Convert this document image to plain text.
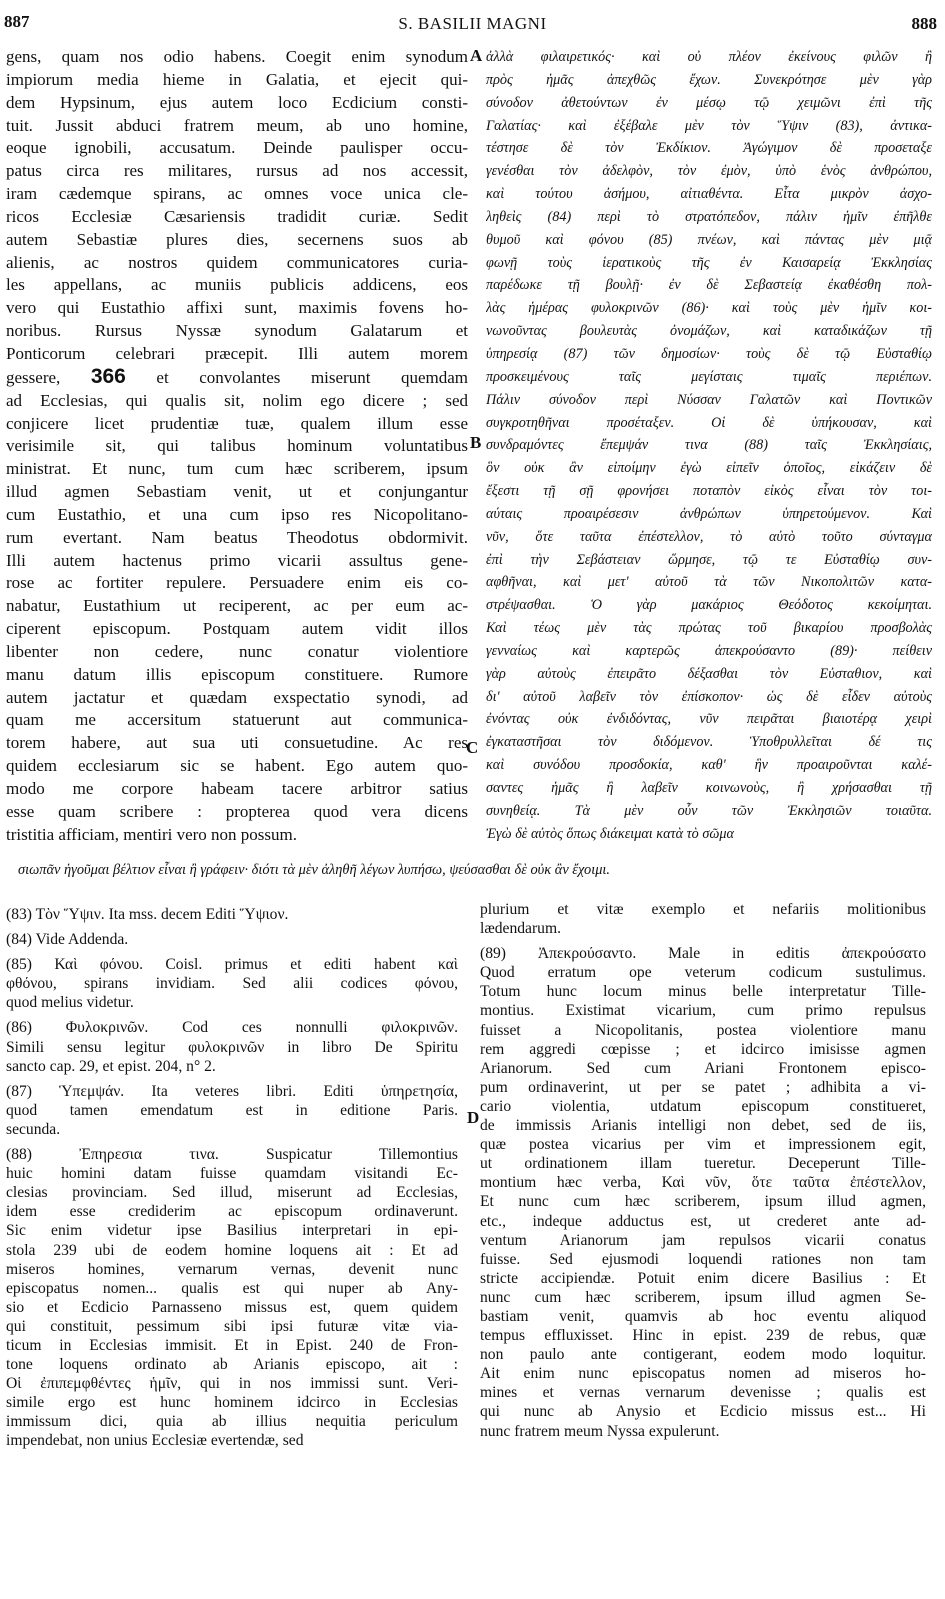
887	S. BASILII MAGNI	888
gens, quam nos odio habens. Coegit enim synodum
impiorum media hieme in Galatia, et ejecit qui-
dem Hypsinum, ejus autem loco Ecdicium consti-
tuit. Jussit abduci fratrem meum, ab uno homine,
eoque ignobili, accusatum. Deinde paulisper occu-
patus circa res militares, rursus ad nos accessit,
iram cædemque spirans, ac omnes voce unica cle-
ricos Ecclesiæ Cæsariensis tradidit curiæ. Sedit
autem Sebastiæ plures dies, secernens suos ab
alienis, ac nostros quidem communicatores curia-
les appellans, ac muniis publicis addicens, eos
vero qui Eustathio affixi sunt, maximis fovens ho-
noribus. Rursus Nyssæ synodum Galatarum et
Ponticorum celebrari præcepit. Illi autem morem
gessere, 366 et convolantes miserunt quemdam
ad Ecclesias, qui qualis sit, nolim ego dicere ; sed
conjicere licet prudentiæ tuæ, qualem illum esse
verisimile sit, qui talibus hominum voluntatibus
ministrat. Et nunc, tum cum hæc scriberem, ipsum
illud agmen Sebastiam venit, ut et conjungantur
cum Eustathio, et una cum ipso res Nicopolitano-
rum evertant. Nam beatus Theodotus obdormivit.
Illi autem hactenus primo vicarii assultus gene-
rose ac fortiter repulere. Persuadere enim eis co-
nabatur, Eustathium ut reciperent, ac per eum ac-
ciperent episcopum. Postquam autem vidit illos
libenter non cedere, nunc conatur violentiore
manu datum illis episcopum constituere. Rumore
autem jactatur et quædam exspectatio synodi, ad
quam me accersitum statuerunt aut communica-
torem habere, aut sua uti consuetudine. Ac res
quidem ecclesiarum sic se habent. Ego autem quo-
modo me corpore habeam tacere arbitror satius
esse quam scribere : propterea quod vera dicens
tristitia afficiam, mentiri vero non possum.
ἀλλὰ φιλαιρετικός· καὶ οὐ πλέον ἐκείνους φιλῶν ἢ
πρὸς ἡμᾶς ἀπεχθῶς ἔχων. Συνεκρότησε μὲν γὰρ
σύνοδον ἀθετούντων ἐν μέσῳ τῷ χειμῶνι ἐπὶ τῆς
Γαλατίας· καὶ ἐξέβαλε μὲν τὸν Ὕψιν (83), ἀντικα-
τέστησε δὲ τὸν Ἐκδίκιον. Ἀγώγιμον δὲ προσεταξε
γενέσθαι τὸν ἀδελφὸν, τὸν ἐμὸν, ὑπὸ ἑνὸς ἀνθρώπου,
καὶ τούτου ἀσήμου, αἰτιαθέντα. Εἶτα μικρὸν ἀσχο-
ληθεὶς (84) περὶ τὸ στρατόπεδον, πάλιν ἡμῖν ἐπῆλθε
θυμοῦ καὶ φόνου (85) πνέων, καὶ πάντας μὲν μιᾷ
φωνῇ τοὺς ἱερατικοὺς τῆς ἐν Καισαρείᾳ Ἐκκλησίας
παρέδωκε τῇ βουλῇ· ἐν δὲ Σεβαστείᾳ ἐκαθέσθη πολ-
λὰς ἡμέρας φυλοκρινῶν (86)· καὶ τοὺς μὲν ἡμῖν κοι-
νωνοῦντας βουλευτὰς ὀνομάζων, καὶ καταδικάζων τῇ
ὑπηρεσίᾳ (87) τῶν δημοσίων· τοὺς δὲ τῷ Εὐσταθίῳ
προσκειμένους ταῖς μεγίσταις τιμαῖς περιέπων.
Πάλιν σύνοδον περὶ Νύσσαν Γαλατῶν καὶ Ποντικῶν
συγκροτηθῆναι προσέταξεν. Οἱ δὲ ὑπήκουσαν, καὶ
συνδραμόντες ἔπεμψάν τινα (88) ταῖς Ἐκκλησίαις,
ὃν οὐκ ἂν εἰποίμην ἐγὼ εἰπεῖν ὁποῖος, εἰκάζειν δὲ
ἔξεστι τῇ σῇ φρονήσει ποταπὸν εἰκὸς εἶναι τὸν τοι-
αύταις προαιρέσεσιν ἀνθρώπων ὑπηρετούμενον. Καὶ
νῦν, ὅτε ταῦτα ἐπέστελλον, τὸ αὐτὸ τοῦτο σύνταγμα
ἐπὶ τὴν Σεβάστειαν ὥρμησε, τῷ τε Εὐσταθίῳ συν-
αφθῆναι, καὶ μετ' αὐτοῦ τὰ τῶν Νικοπολιτῶν κατα-
στρέψασθαι. Ὁ γὰρ μακάριος Θεόδοτος κεκοίμηται.
Καὶ τέως μὲν τὰς πρώτας τοῦ βικαρίου προσβολὰς
γενναίως καὶ καρτερῶς ἀπεκρούσαντο (89)· πείθειν
γὰρ αὐτοὺς ἐπειρᾶτο δέξασθαι τὸν Εὐσταθιον, καὶ
δι' αὐτοῦ λαβεῖν τὸν ἐπίσκοπον· ὡς δὲ εἶδεν αὐτοὺς
ἐνόντας οὐκ ἐνδιδόντας, νῦν πειρᾶται βιαιοτέρᾳ χειρὶ
ἐγκαταστῆσαι τὸν διδόμενον. Ὑποθρυλλεῖται δέ τις
καὶ συνόδου προσδοκία, καθ' ἣν προαιροῦνται καλέ-
σαντες ἡμᾶς ἢ λαβεῖν κοινωνοὺς, ἢ χρήσασθαι τῇ
συνηθείᾳ. Τὰ μὲν οὖν τῶν Ἐκκλησιῶν τοιαῦτα.
Ἐγὼ δὲ αὐτὸς ὅπως διάκειμαι κατὰ τὸ σῶμα
A
B
C
D
σιωπᾶν ἡγοῦμαι βέλτιον εἶναι ἢ γράφειν· διότι τὰ μὲν ἀληθῆ λέγων λυπήσω, ψεύσασθαι δὲ οὐκ ἂν ἔχοιμι.
(83) Τὸν Ὕψιν. Ita mss. decem Editi Ὕψιον.
(84) Vide Addenda.
(85) Καὶ φόνου. Coisl. primus et editi habent καὶ
φθόνου, spirans invidiam. Sed alii codices φόνου,
quod melius videtur.
(86) Φυλοκρινῶν. Cod ces nonnulli φιλοκρινῶν.
Simili sensu legitur φυλοκρινῶν in libro De Spiritu
sancto cap. 29, et epist. 204, n° 2.
(87) Ὑπεμψάν. Ita veteres libri. Editi ὑπηρετησία,
quod tamen emendatum est in editione Paris.
secunda.
(88) Ἐπηρεσια τινα. Suspicatur Tillemontius
huic homini datam fuisse quamdam visitandi Ec-
clesias provinciam. Sed illud, miserunt ad Ecclesias,
idem esse crediderim ac episcopum ordinaverunt.
Sic enim videtur ipse Basilius interpretari in epi-
stola 239 ubi de eodem homine loquens ait : Et ad
miseros homines, vernarum vernas, devenit nunc
episcopatus nomen... qualis est qui nuper ab Any-
sio et Ecdicio Parnasseno missus est, quem quidem
qui constituit, pessimum sibi ipsi futuræ vitæ via-
ticum in Ecclesias immisit. Et in Epist. 240 de Fron-
tone loquens ordinato ab Arianis episcopo, ait :
Οἱ ἐπιπεμφθέντες ἡμῖν, qui in nos immissi sunt. Veri-
simile ergo est hunc hominem idcirco in Ecclesias
immissum dici, quia ab illius nequitia periculum
impendebat, non unius Ecclesiæ evertendæ, sed
plurium et vitæ exemplo et nefariis molitionibus
lædendarum.
(89) Ἀπεκρούσαντο. Male in editis ἀπεκρούσατο
Quod erratum ope veterum codicum sustulimus.
Totum hunc locum minus belle interpretatur Tille-
montius. Existimat vicarium, cum primo repulsus
fuisset a Nicopolitanis, postea violentiore manu
rem aggredi cœpisse ; et idcirco imisisse agmen
Arianorum. Sed cum Ariani Frontonem episco-
pum ordinaverint, ut per se patet ; adhibita a vi-
cario violentia, utdatum episcopum constitueret,
de immissis Arianis intelligi non debet, sed de iis,
quæ postea vicarius per vim et impressionem egit,
ut ordinationem illam tueretur. Deceperunt Tille-
montium hæc verba, Καὶ νῦν, ὅτε ταῦτα ἐπέστελλον,
Et nunc cum hæc scriberem, ipsum illud agmen,
etc., indeque adductus est, ut crederet ante ad-
ventum Arianorum jam repulsos vicarii conatus
fuisse. Sed ejusmodi loquendi rationes non tam
stricte accipiendæ. Potuit enim dicere Basilius : Et
nunc cum hæc scriberem, ipsum illud agmen Se-
bastiam venit, quamvis ab hoc eventu aliquod
tempus effluxisset. Hinc in epist. 239 de rebus, quæ
non paulo ante contigerant, eodem modo loquitur.
Ait enim nunc episcopatus nomen ad miseros ho-
mines et vernas vernarum devenisse ; qualis est
qui nunc ab Anysio et Ecdicio missus est... Hi
nunc fratrem meum Nyssa expulerunt.
